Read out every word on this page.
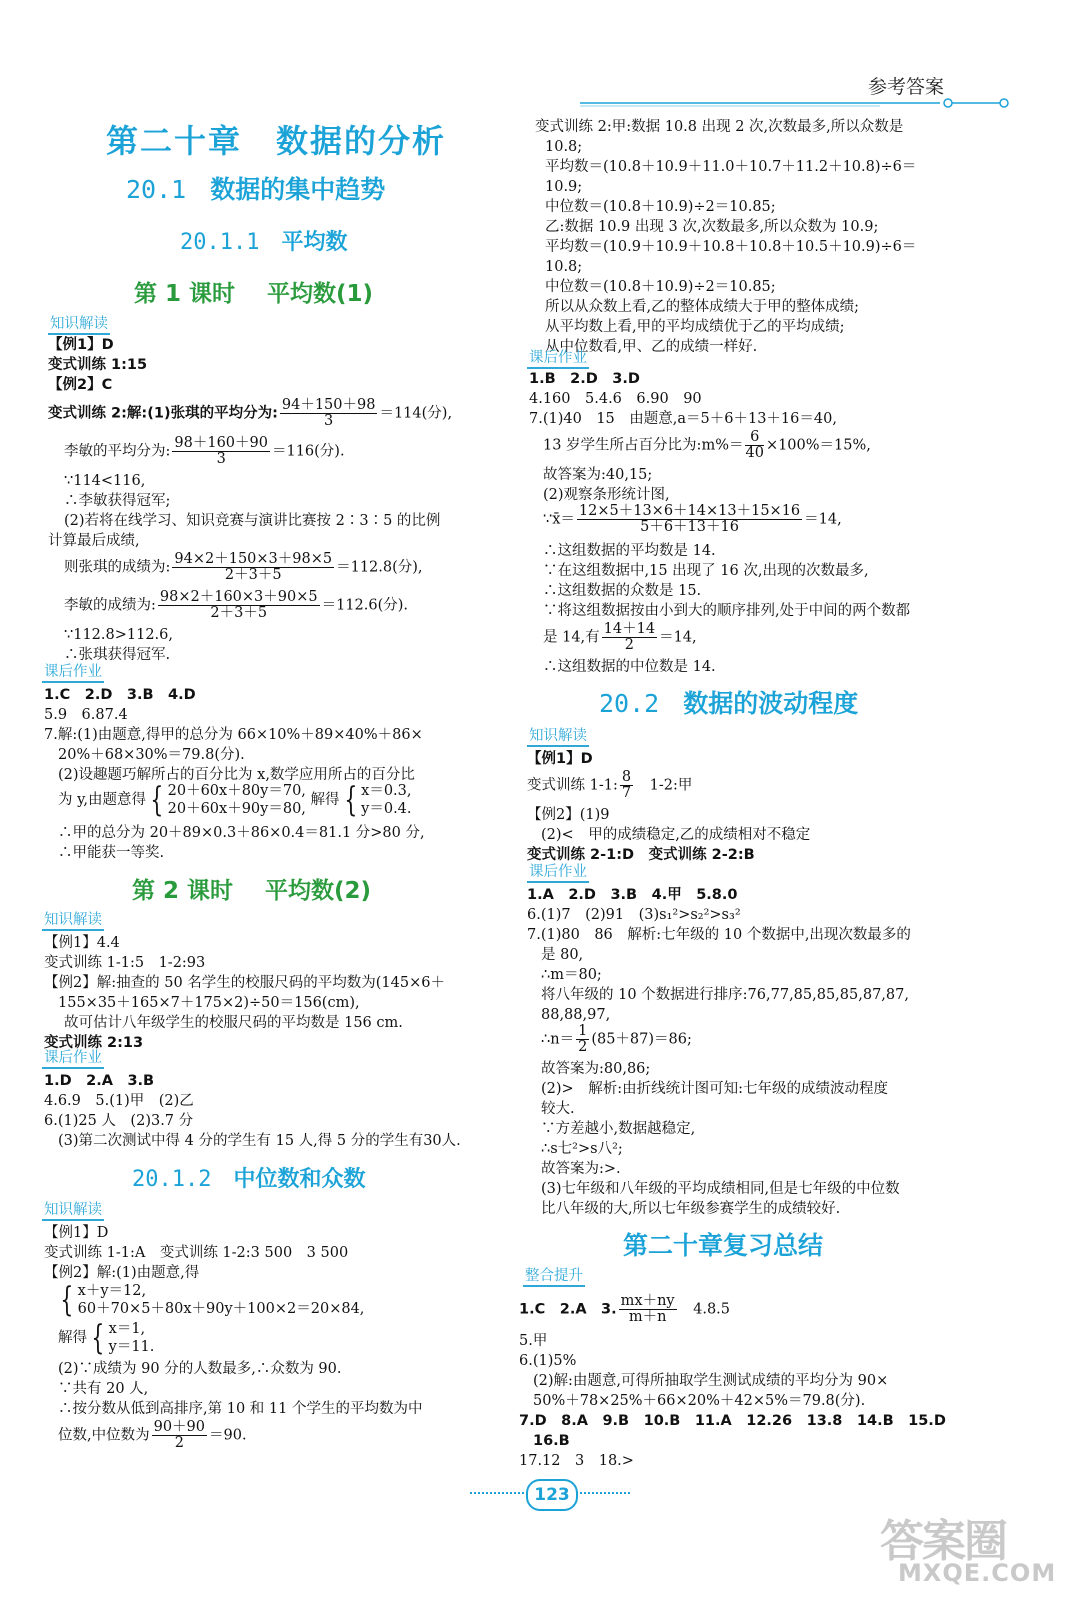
参考答案
第二十章　数据的分析
20.1 数据的集中趋势
20.1.1 平均数
第 1 课时 平均数(1)
知识解读
【例1】D
变式训练 1:15
【例2】C
变式训练 2:解:(1)张琪的平均分为: $\frac{94+150+98}{3} =114$(分),
李敏的平均分为: $\frac{98+160+90}{3} =116$(分).
∵114<116,
∴李敏获得冠军;
(2)若将在线学习、知识竞赛与演讲比赛按 2∶3∶5 的比例
计算最后成绩,
则张琪的成绩为: $\frac{94\times 2+150\times 3+98\times 5}{2+3+5} =112.8$(分),
李敏的成绩为: $\frac{98\times 2+160\times 3+90\times 5}{2+3+5} =112.6$(分).
∵112.8>112.6,
∴张琪获得冠军.
课后作业
1.C　2.D　3.B　4.D
5.9　6.87.4
7.解:(1)由题意,得甲的总分为 66×10%＋89×40%＋86×
20%＋68×30%＝79.8(分).
(2)设趣题巧解所占的百分比为 x,数学应用所占的百分比
为 y,由题意得 { 20＋60x＋80y＝70,
20＋60x＋90y＝80,
解得 { x＝0.3,
y＝0.4.
∴甲的总分为 20＋89×0.3＋86×0.4＝81.1 分>80 分,
∴甲能获一等奖.
第 2 课时 平均数(2)
知识解读
【例1】4.4
变式训练 1-1:5　1-2:93
【例2】解:抽查的 50 名学生的校服尺码的平均数为(145×6＋
155×35＋165×7＋175×2)÷50＝156(cm),
故可估计八年级学生的校服尺码的平均数是 156 cm.
变式训练 2:13
课后作业
1.D　2.A　3.B
4.6.9　5.(1)甲　(2)乙
6.(1)25 人　(2)3.7 分
(3)第二次测试中得 4 分的学生有 15 人,得 5 分的学生有30人.
20.1.2 中位数和众数
知识解读
【例1】D
变式训练 1-1:A　变式训练 1-2:3 500　3 500
【例2】解:(1)由题意,得
{ x＋y＝12,
60＋70×5＋80x＋90y＋100×2＝20×84,
解得 { x＝1,
y＝11.
(2)∵成绩为 90 分的人数最多,∴众数为 90.
∵共有 20 人,
∴按分数从低到高排序,第 10 和 11 个学生的平均数为中
位数,中位数为 $\frac{90+90}{2} =90$.
变式训练 2:甲:数据 10.8 出现 2 次,次数最多,所以众数是
10.8;
平均数＝(10.8＋10.9＋11.0＋10.7＋11.2＋10.8)÷6＝
10.9;
中位数＝(10.8＋10.9)÷2＝10.85;
乙:数据 10.9 出现 3 次,次数最多,所以众数为 10.9;
平均数＝(10.9＋10.9＋10.8＋10.8＋10.5＋10.9)÷6＝
10.8;
中位数＝(10.8＋10.9)÷2＝10.85;
所以从众数上看,乙的整体成绩大于甲的整体成绩;
从平均数上看,甲的平均成绩优于乙的平均成绩;
从中位数看,甲、乙的成绩一样好.
课后作业
1.B　2.D　3.D
4.160　5.4.6　6.90　90
7.(1)40　15　由题意,a＝5＋6＋13＋16＝40,
13 岁学生所占百分比为:m%＝ $\frac{6}{40} \times 100\%=15\%$,
故答案为:40,15;
(2)观察条形统计图,
∵x̄＝ $\frac{12\times 5+13\times 6+14\times 13+15\times 16}{5+6+13+16} =14$,
∴这组数据的平均数是 14.
∵在这组数据中,15 出现了 16 次,出现的次数最多,
∴这组数据的众数是 15.
∵将这组数据按由小到大的顺序排列,处于中间的两个数都
是 14,有 $\frac{14+14}{2} =14$,
∴这组数据的中位数是 14.
20.2 数据的波动程度
知识解读
【例1】D
变式训练 1-1: $\frac{8}{7}$ 　1-2:甲
【例2】(1)9
(2)<　甲的成绩稳定,乙的成绩相对不稳定
变式训练 2-1:D　变式训练 2-2:B
课后作业
1.A　2.D　3.B　4.甲　5.8.0
6.(1)7　(2)91　(3)s₁²>s₂²>s₃²
7.(1)80　86　解析:七年级的 10 个数据中,出现次数最多的
是 80,
∴m＝80;
将八年级的 10 个数据进行排序:76,77,85,85,85,87,87,
88,88,97,
∴n＝ $\frac{1}{2} (85+87)=86$;
故答案为:80,86;
(2)>　解析:由折线统计图可知:七年级的成绩波动程度
较大.
∵方差越小,数据越稳定,
∴s七²>s八²;
故答案为:>.
(3)七年级和八年级的平均成绩相同,但是七年级的中位数
比八年级的大,所以七年级参赛学生的成绩较好.
第二十章复习总结
整合提升
1.C　2.A　3. $\frac{mx+ny}{m+n}$ 　4.8.5
5.甲
6.(1)5%
(2)解:由题意,可得所抽取学生测试成绩的平均分为 90×
50%＋78×25%＋66×20%＋42×5%＝79.8(分).
7.D　8.A　9.B　10.B　11.A　12.26　13.8　14.B　15.D
16.B
17.12　3　18.>
123
答案圈
MXQE.COM
